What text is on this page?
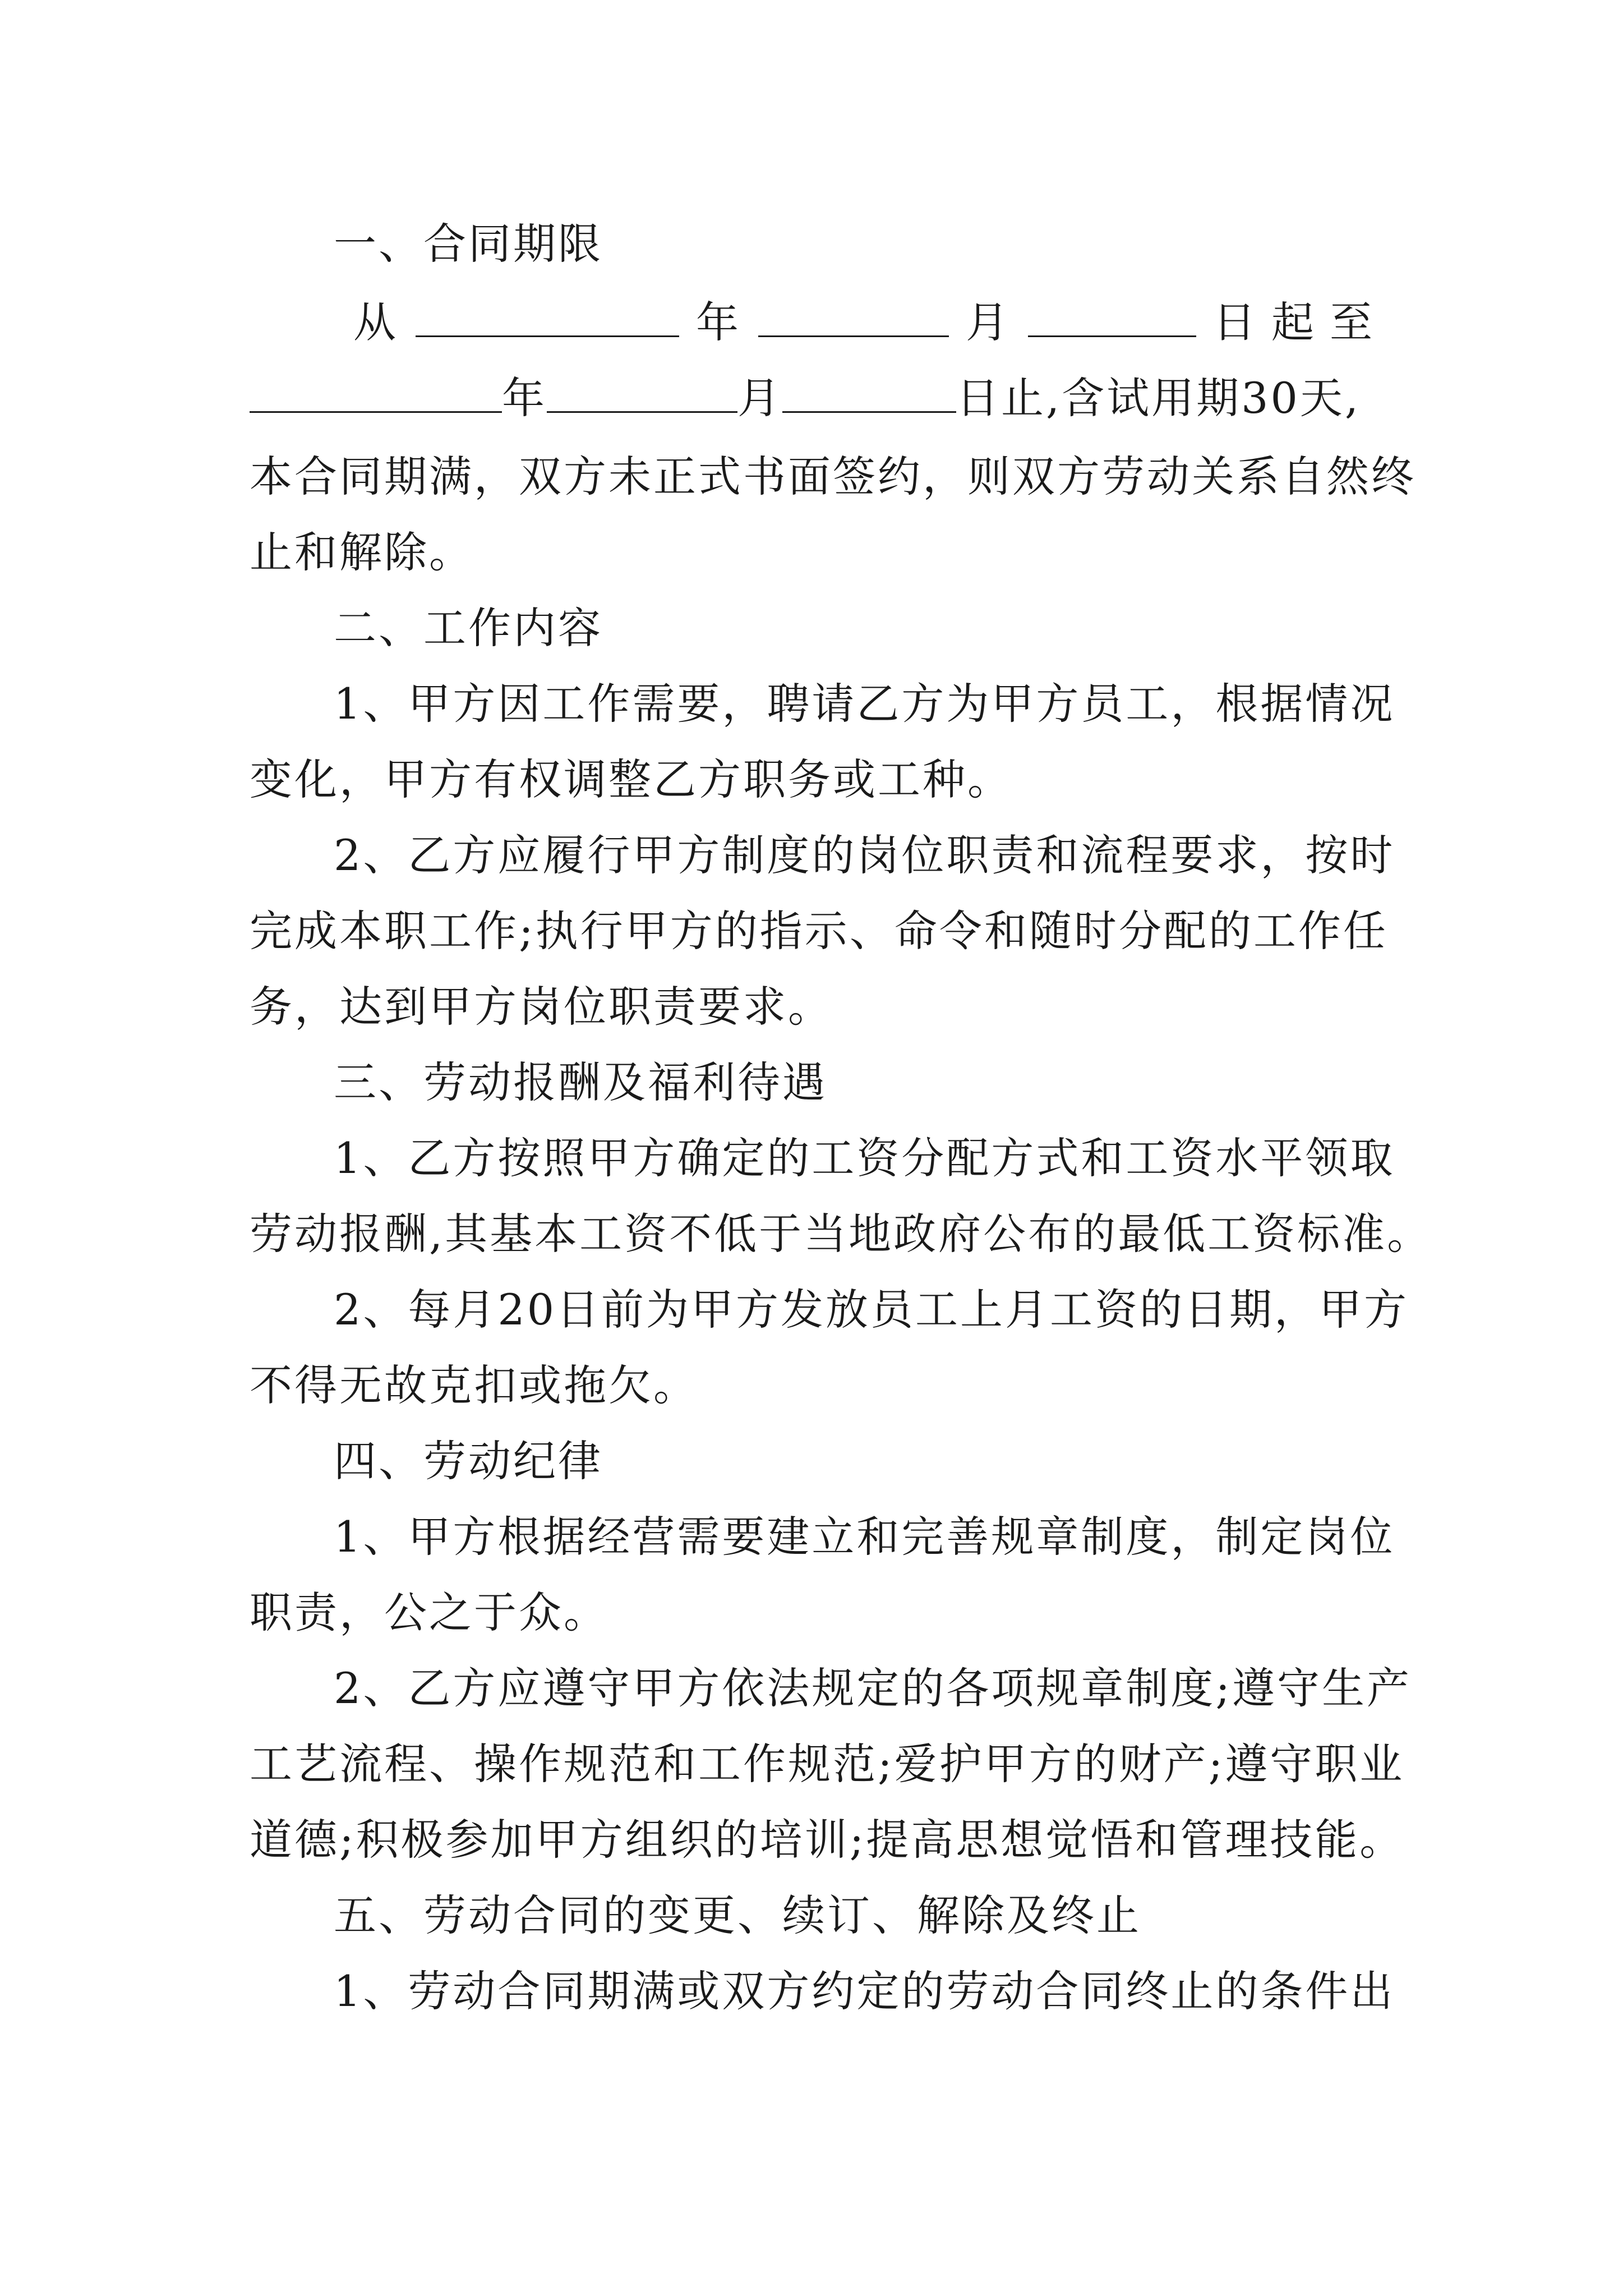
一、合同期限
从	年	月	日起至
年	月	日止,含试用期30天,
本合同期满，双方未正式书面签约，则双方劳动关系自然终
止和解除。
二、工作内容
1、甲方因工作需要，聘请乙方为甲方员工，根据情况
变化，甲方有权调整乙方职务或工种。
2、乙方应履行甲方制度的岗位职责和流程要求，按时
完成本职工作;执行甲方的指示、命令和随时分配的工作任
务，达到甲方岗位职责要求。
三、劳动报酬及福利待遇
1、乙方按照甲方确定的工资分配方式和工资水平领取
劳动报酬,其基本工资不低于当地政府公布的最低工资标准。
2、每月20日前为甲方发放员工上月工资的日期，甲方
不得无故克扣或拖欠。
四、劳动纪律
1、甲方根据经营需要建立和完善规章制度，制定岗位
职责，公之于众。
2、乙方应遵守甲方依法规定的各项规章制度;遵守生产
工艺流程、操作规范和工作规范;爱护甲方的财产;遵守职业
道德;积极参加甲方组织的培训;提高思想觉悟和管理技能。
五、劳动合同的变更、续订、解除及终止
1、劳动合同期满或双方约定的劳动合同终止的条件出
